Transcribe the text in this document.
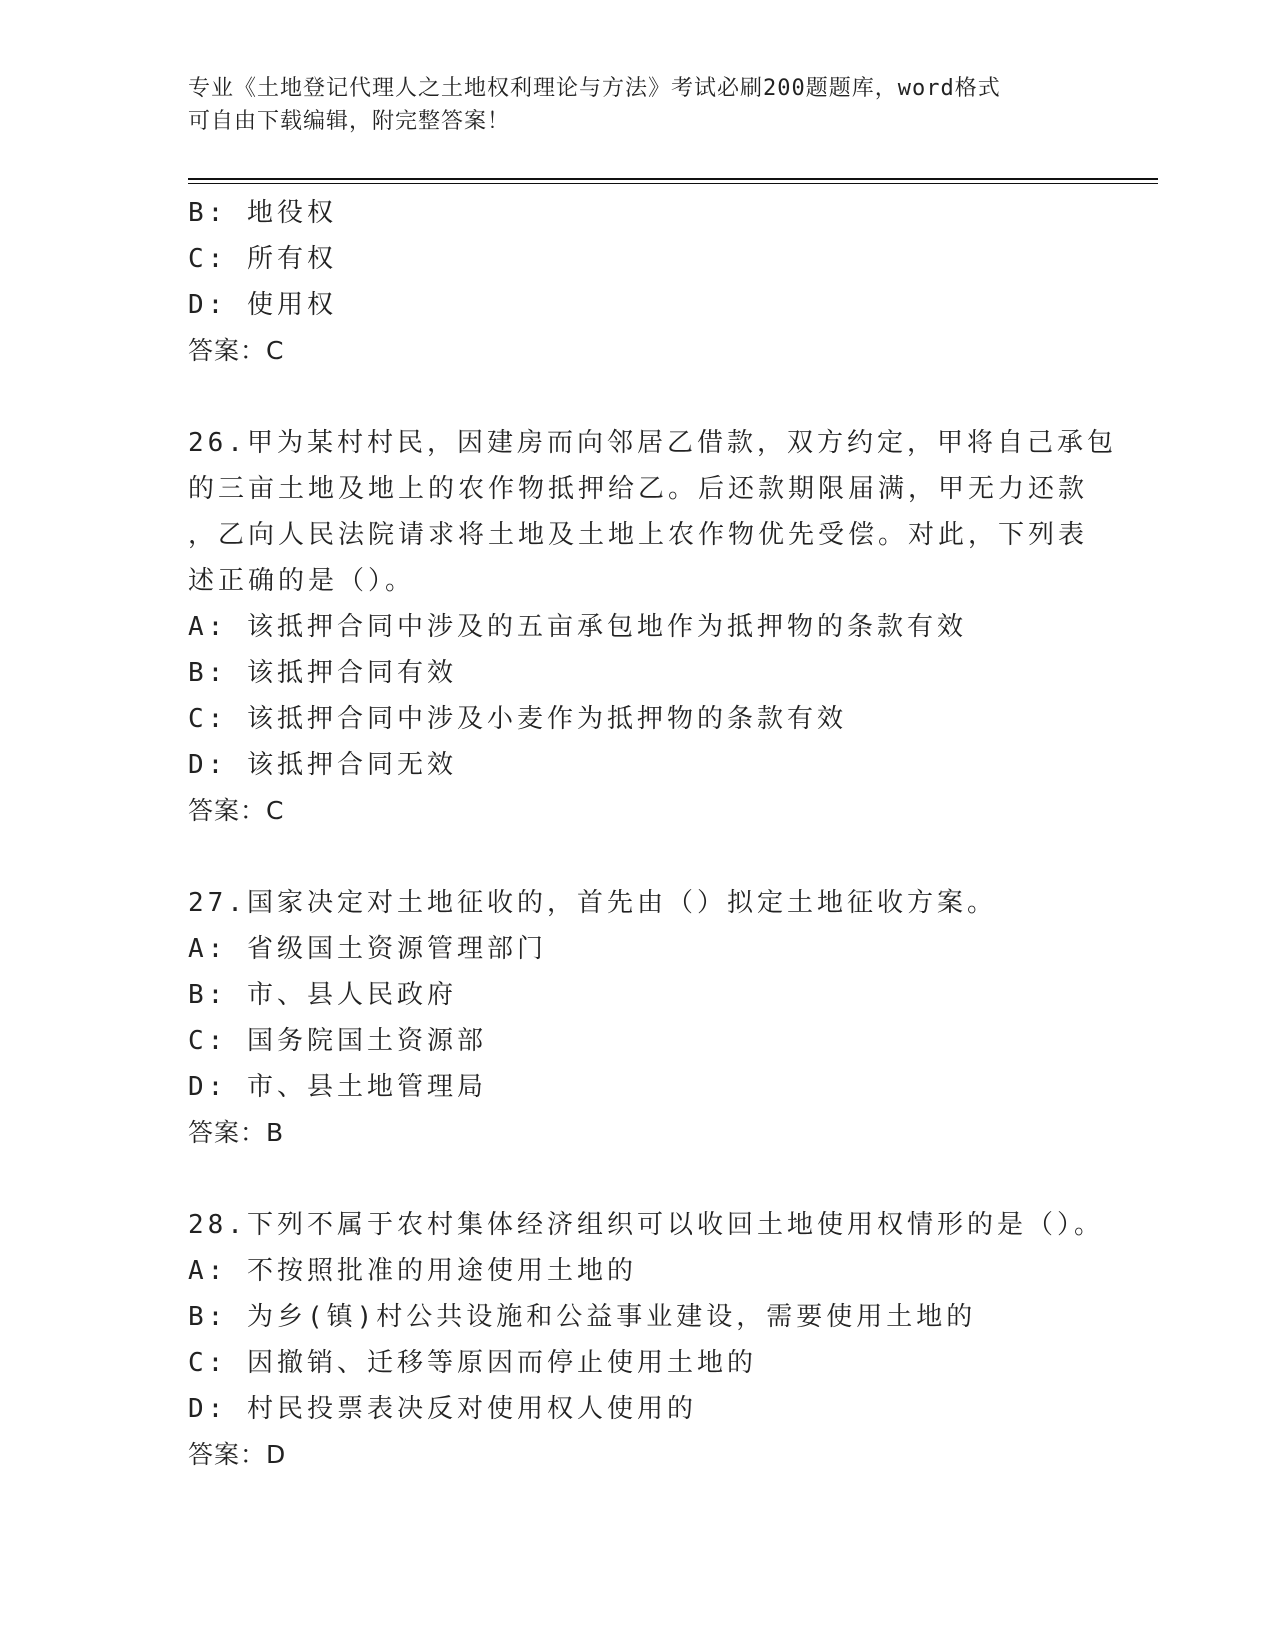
专业《土地登记代理人之土地权利理论与方法》考试必刷200题题库，word格式
可自由下载编辑，附完整答案！
B: 地役权
C: 所有权
D: 使用权
答案：C
26.甲为某村村民，因建房而向邻居乙借款，双方约定，甲将自己承包
的三亩土地及地上的农作物抵押给乙。后还款期限届满，甲无力还款
，乙向人民法院请求将土地及土地上农作物优先受偿。对此，下列表
述正确的是（）。
A: 该抵押合同中涉及的五亩承包地作为抵押物的条款有效
B: 该抵押合同有效
C: 该抵押合同中涉及小麦作为抵押物的条款有效
D: 该抵押合同无效
答案：C
27.国家决定对土地征收的，首先由（）拟定土地征收方案。
A: 省级国土资源管理部门
B: 市、县人民政府
C: 国务院国土资源部
D: 市、县土地管理局
答案：B
28.下列不属于农村集体经济组织可以收回土地使用权情形的是（）。
A: 不按照批准的用途使用土地的
B: 为乡(镇)村公共设施和公益事业建设，需要使用土地的
C: 因撤销、迁移等原因而停止使用土地的
D: 村民投票表决反对使用权人使用的
答案：D
